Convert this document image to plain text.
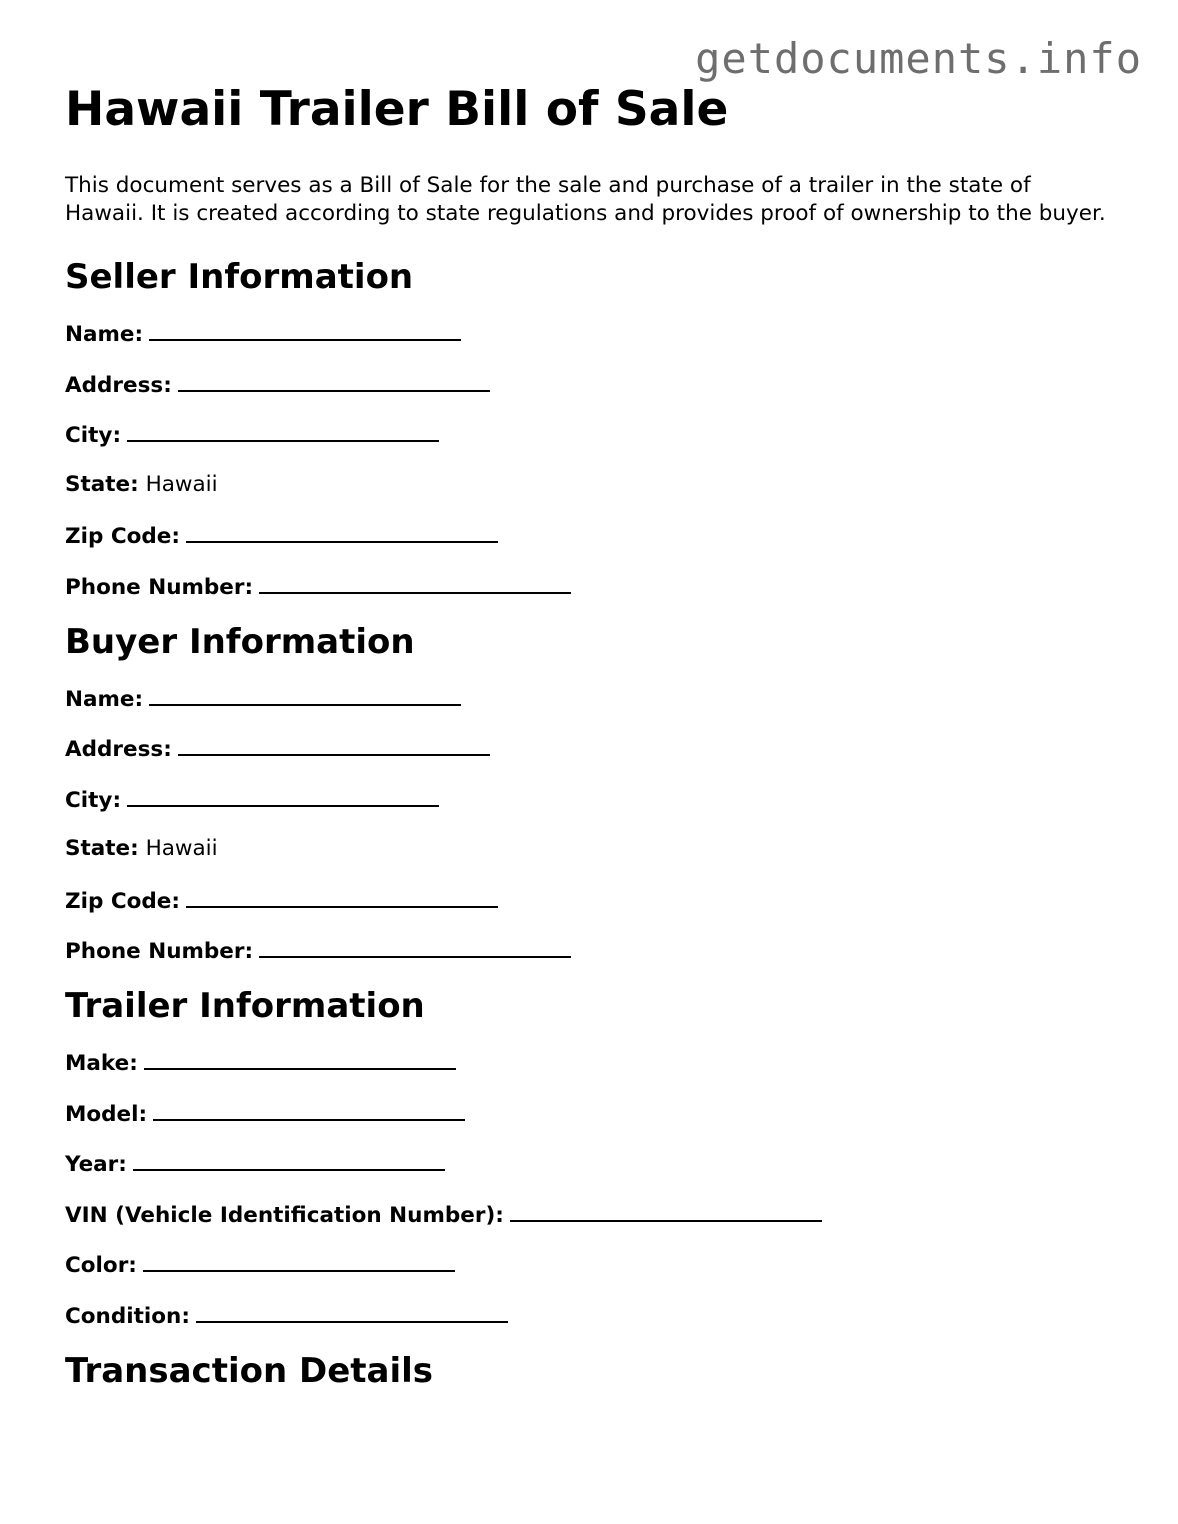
getdocuments.info
Hawaii Trailer Bill of Sale

This document serves as a Bill of Sale for the sale and purchase of a trailer in the state of Hawaii. It is created according to state regulations and provides proof of ownership to the buyer.

Seller Information
Name:
Address:
City:
State: Hawaii
Zip Code:
Phone Number:
Buyer Information
Name:
Address:
City:
State: Hawaii
Zip Code:
Phone Number:
Trailer Information
Make:
Model:
Year:
VIN (Vehicle Identification Number):
Color:
Condition:
Transaction Details
